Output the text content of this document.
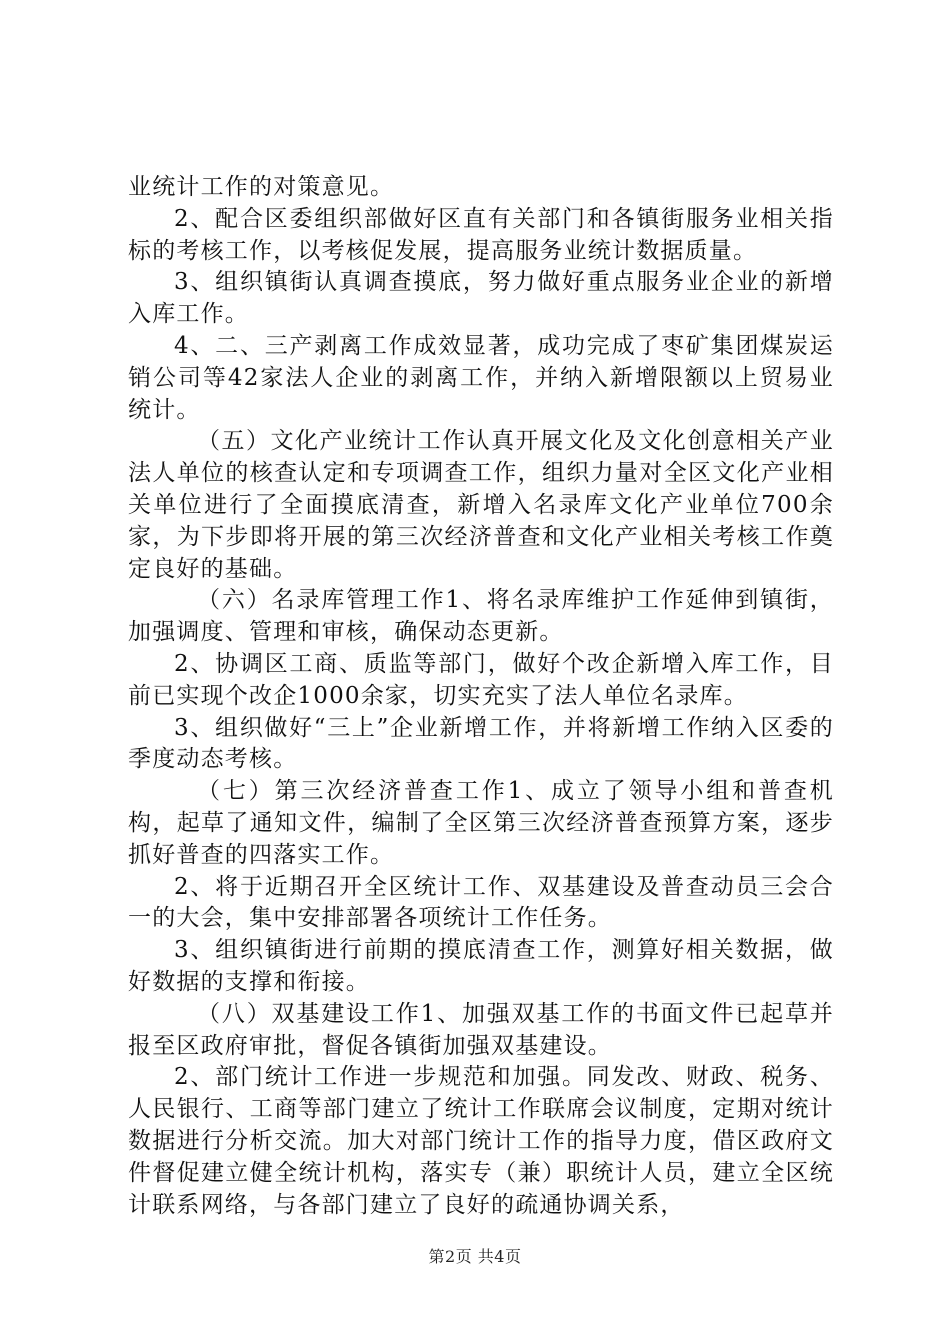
业统计工作的对策意见。

2、配合区委组织部做好区直有关部门和各镇街服务业相关指标的考核工作，以考核促发展，提高服务业统计数据质量。

3、组织镇街认真调查摸底，努力做好重点服务业企业的新增入库工作。

4、二、三产剥离工作成效显著，成功完成了枣矿集团煤炭运销公司等42家法人企业的剥离工作，并纳入新增限额以上贸易业统计。

（五）文化产业统计工作认真开展文化及文化创意相关产业法人单位的核查认定和专项调查工作，组织力量对全区文化产业相关单位进行了全面摸底清查，新增入名录库文化产业单位700余家，为下步即将开展的第三次经济普查和文化产业相关考核工作奠定良好的基础。

（六）名录库管理工作1、将名录库维护工作延伸到镇街，加强调度、管理和审核，确保动态更新。

2、协调区工商、质监等部门，做好个改企新增入库工作，目前已实现个改企1000余家，切实充实了法人单位名录库。

3、组织做好“三上”企业新增工作，并将新增工作纳入区委的季度动态考核。

（七）第三次经济普查工作1、成立了领导小组和普查机构，起草了通知文件，编制了全区第三次经济普查预算方案，逐步抓好普查的四落实工作。

2、将于近期召开全区统计工作、双基建设及普查动员三会合一的大会，集中安排部署各项统计工作任务。

3、组织镇街进行前期的摸底清查工作，测算好相关数据，做好数据的支撑和衔接。

（八）双基建设工作1、加强双基工作的书面文件已起草并报至区政府审批，督促各镇街加强双基建设。

2、部门统计工作进一步规范和加强。同发改、财政、税务、人民银行、工商等部门建立了统计工作联席会议制度，定期对统计数据进行分析交流。加大对部门统计工作的指导力度，借区政府文件督促建立健全统计机构，落实专（兼）职统计人员，建立全区统计联系网络，与各部门建立了良好的疏通协调关系，

第2页 共4页
